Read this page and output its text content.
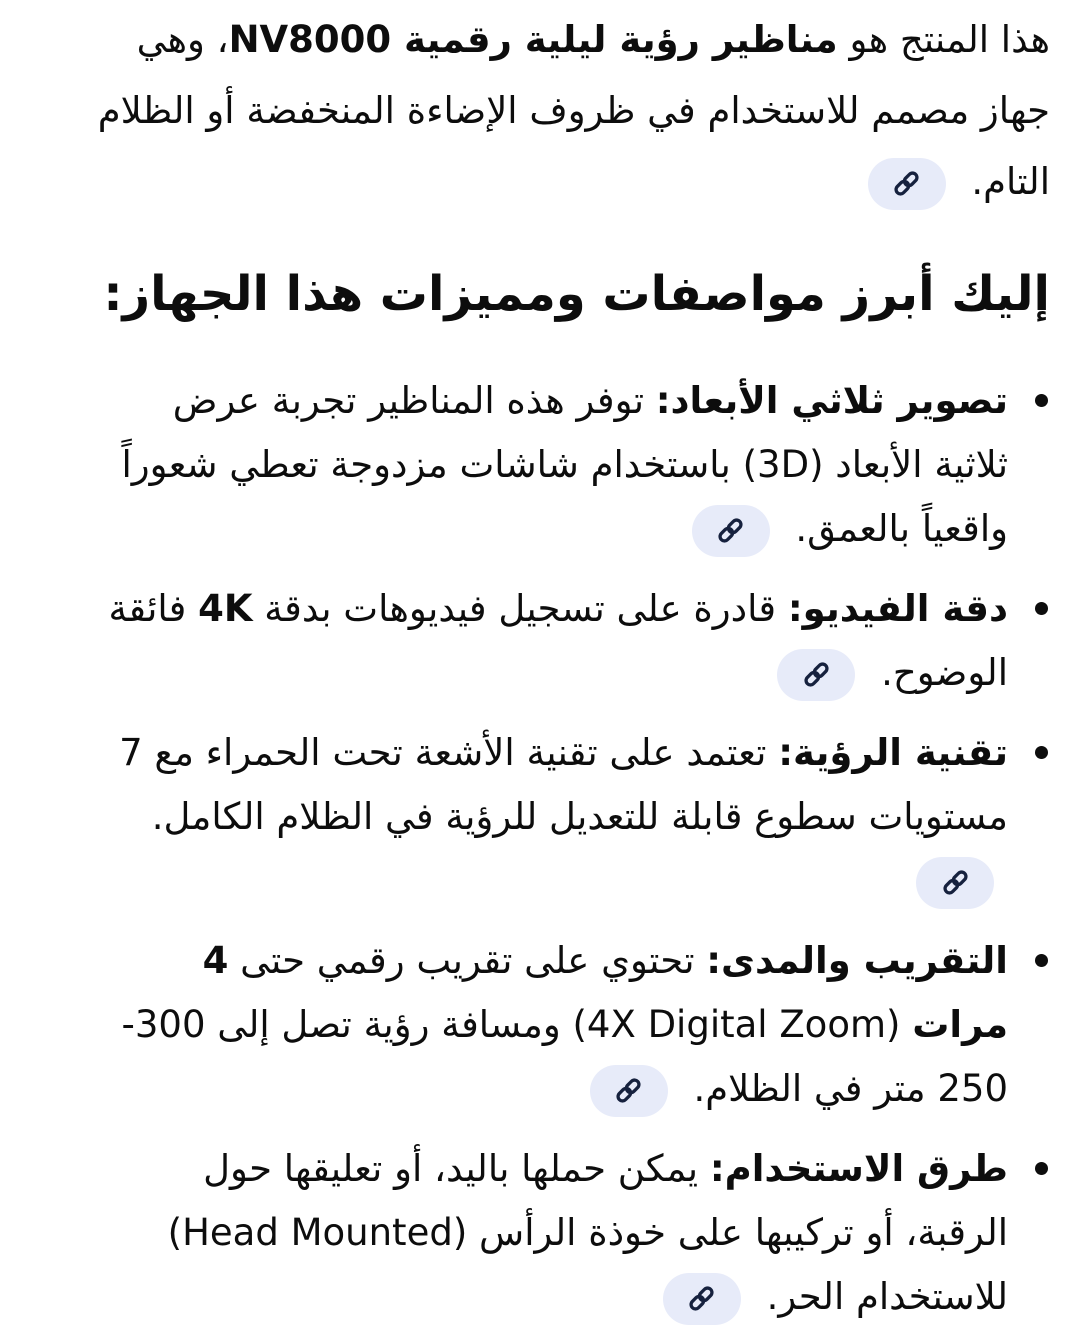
هذا المنتج هو مناظير رؤية ليلية رقمية NV8000، وهي جهاز مصمم للاستخدام في ظروف الإضاءة المنخفضة أو الظلام التام.

إليك أبرز مواصفات ومميزات هذا الجهاز:
تصوير ثلاثي الأبعاد: توفر هذه المناظير تجربة عرض ثلاثية الأبعاد (3D) باستخدام شاشات مزدوجة تعطي شعوراً واقعياً بالعمق.
دقة الفيديو: قادرة على تسجيل فيديوهات بدقة 4K فائقة الوضوح.
تقنية الرؤية: تعتمد على تقنية الأشعة تحت الحمراء مع 7 مستويات سطوع قابلة للتعديل للرؤية في الظلام الكامل.
التقريب والمدى: تحتوي على تقريب رقمي حتى 4 مرات (4X Digital Zoom) ومسافة رؤية تصل إلى 300-250 متر في الظلام.
طرق الاستخدام: يمكن حملها باليد، أو تعليقها حول الرقبة، أو تركيبها على خوذة الرأس (Head Mounted) للاستخدام الحر.
